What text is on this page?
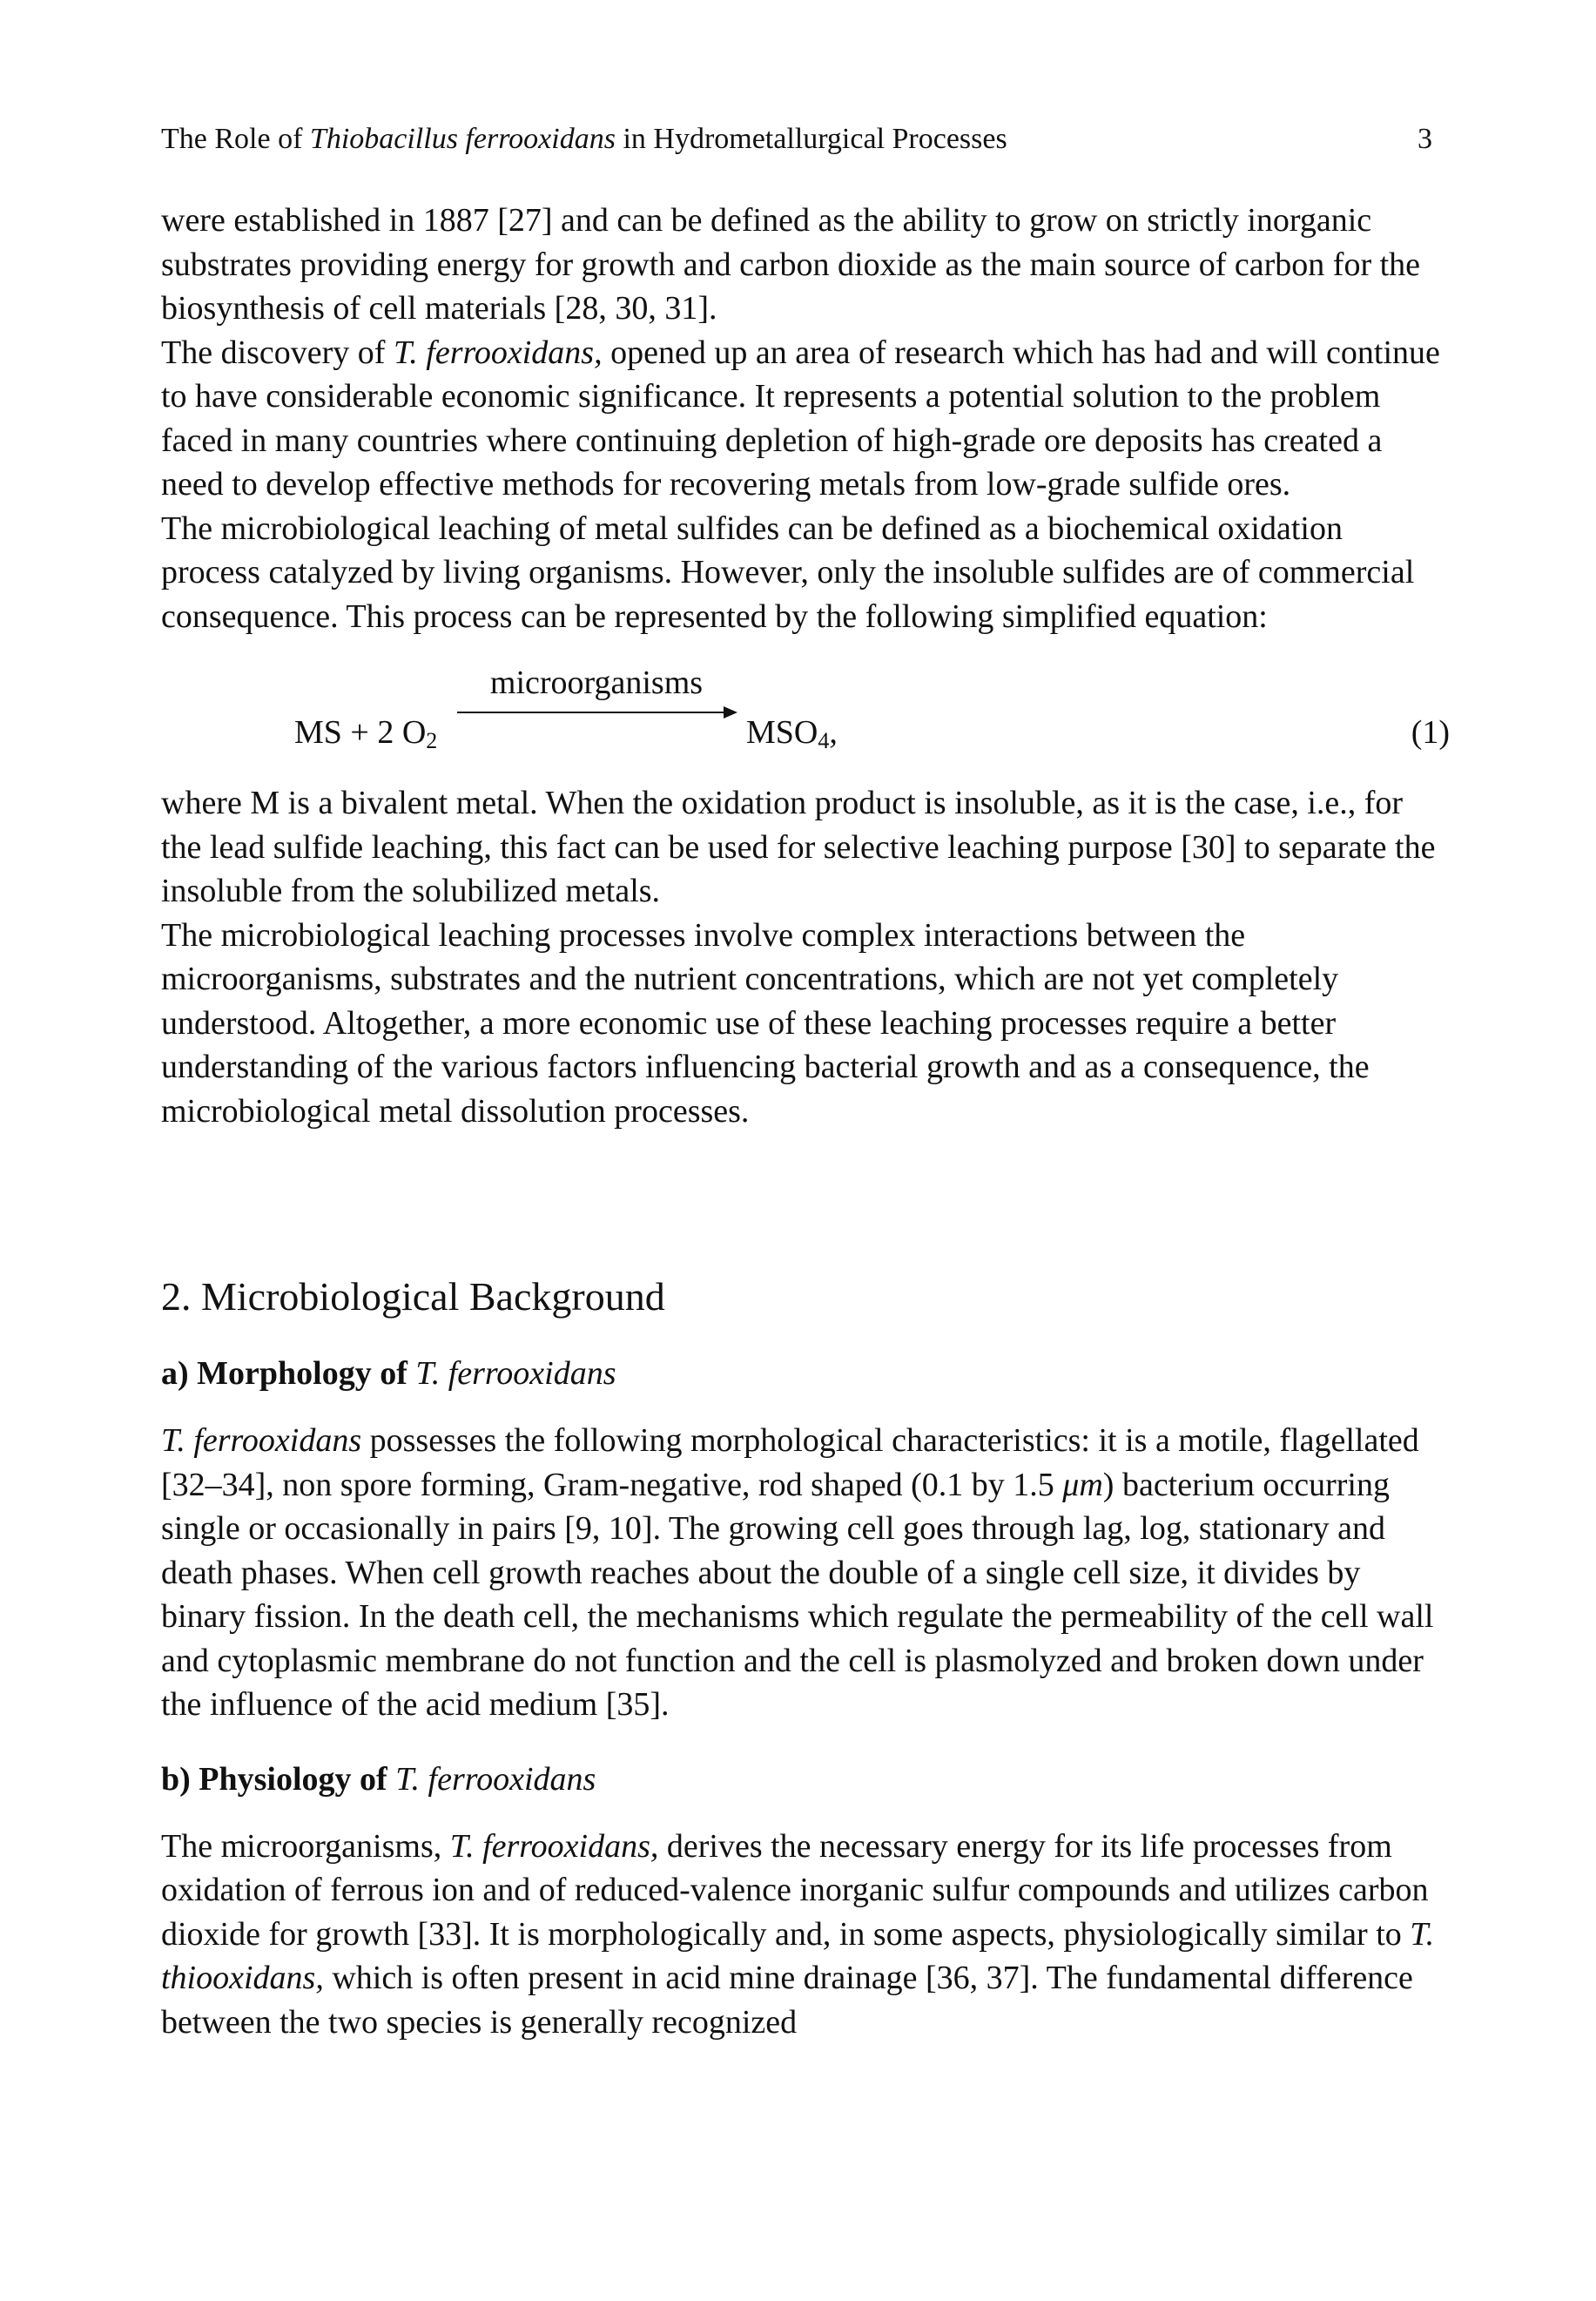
The Role of Thiobacillus ferrooxidans in Hydrometallurgical Processes	3

were established in 1887 [27] and can be defined as the ability to grow on strictly inorganic substrates providing energy for growth and carbon dioxide as the main source of carbon for the biosynthesis of cell materials [28, 30, 31].

The discovery of T. ferrooxidans, opened up an area of research which has had and will continue to have considerable economic significance. It represents a potential solution to the problem faced in many countries where continuing depletion of high-grade ore deposits has created a need to develop effective methods for recovering metals from low-grade sulfide ores.

The microbiological leaching of metal sulfides can be defined as a biochemical oxidation process catalyzed by living organisms. However, only the insoluble sulfides are of commercial consequence. This process can be represented by the following simplified equation:

MS + 2 $O_2$
microorganisms
$MSO_4$,	(1)

where M is a bivalent metal. When the oxidation product is insoluble, as it is the case, i.e., for the lead sulfide leaching, this fact can be used for selective leaching purpose [30] to separate the insoluble from the solubilized metals.

The microbiological leaching processes involve complex interactions between the microorganisms, substrates and the nutrient concentrations, which are not yet completely understood. Altogether, a more economic use of these leaching processes require a better understanding of the various factors influencing bacterial growth and as a consequence, the microbiological metal dissolution processes.

2. Microbiological Background
a) Morphology of T. ferrooxidans

T. ferrooxidans possesses the following morphological characteristics: it is a motile, flagellated [32–34], non spore forming, Gram-negative, rod shaped (0.1 by 1.5 μm) bacterium occurring single or occasionally in pairs [9, 10]. The growing cell goes through lag, log, stationary and death phases. When cell growth reaches about the double of a single cell size, it divides by binary fission. In the death cell, the mechanisms which regulate the permeability of the cell wall and cytoplasmic membrane do not function and the cell is plasmolyzed and broken down under the influence of the acid medium [35].

b) Physiology of T. ferrooxidans

The microorganisms, T. ferrooxidans, derives the necessary energy for its life processes from oxidation of ferrous ion and of reduced-valence inorganic sulfur compounds and utilizes carbon dioxide for growth [33]. It is morphologically and, in some aspects, physiologically similar to T. thiooxidans, which is often present in acid mine drainage [36, 37]. The fundamental difference between the two species is generally recognized
